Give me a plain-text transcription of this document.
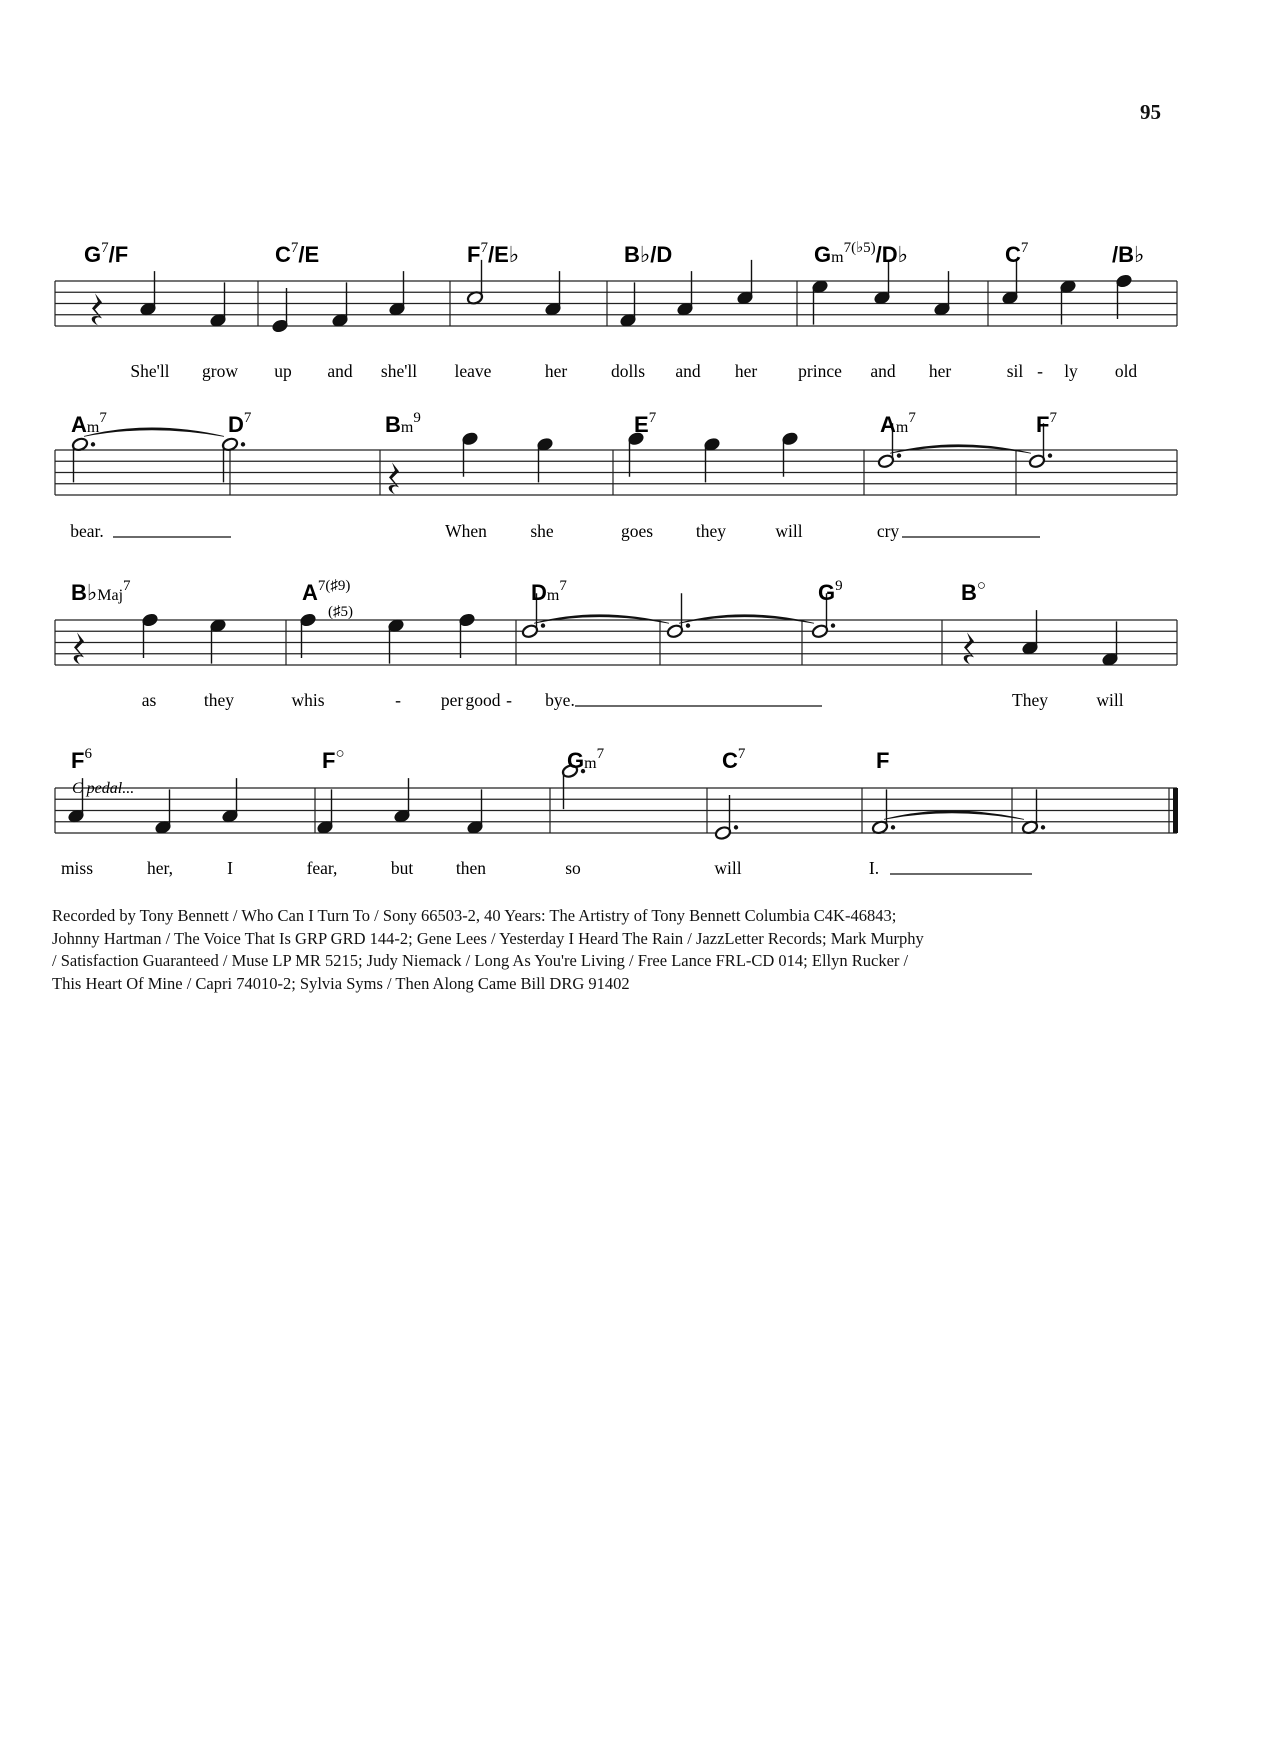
95
G7/F	C7/E	F7/E♭	B♭/D	Gm7(♭5)/D♭	C7	/B♭
Am7	D7	Bm9	E7	Am7	F7
B♭Maj7	A7(♯9)
(♯5)
Dm7	G9	B○
F6	F○	Gm7	C7	F
C pedal...
She'll grow up and she'll leave	her	dolls and her prince and her	sil - ly old
bear.	When she	goes they	will	cry
as	they	whis	- per good - bye.	They	will
miss	her,	I	fear,	but then	so	will	I.

Recorded by Tony Bennett / Who Can I Turn To / Sony 66503-2, 40 Years: The Artistry of Tony Bennett Columbia C4K-46843; Johnny Hartman / The Voice That Is GRP GRD 144-2; Gene Lees / Yesterday I Heard The Rain / JazzLetter Records; Mark Murphy / Satisfaction Guaranteed / Muse LP MR 5215; Judy Niemack / Long As You're Living / Free Lance FRL-CD 014; Ellyn Rucker / This Heart Of Mine / Capri 74010-2; Sylvia Syms / Then Along Came Bill DRG 91402
